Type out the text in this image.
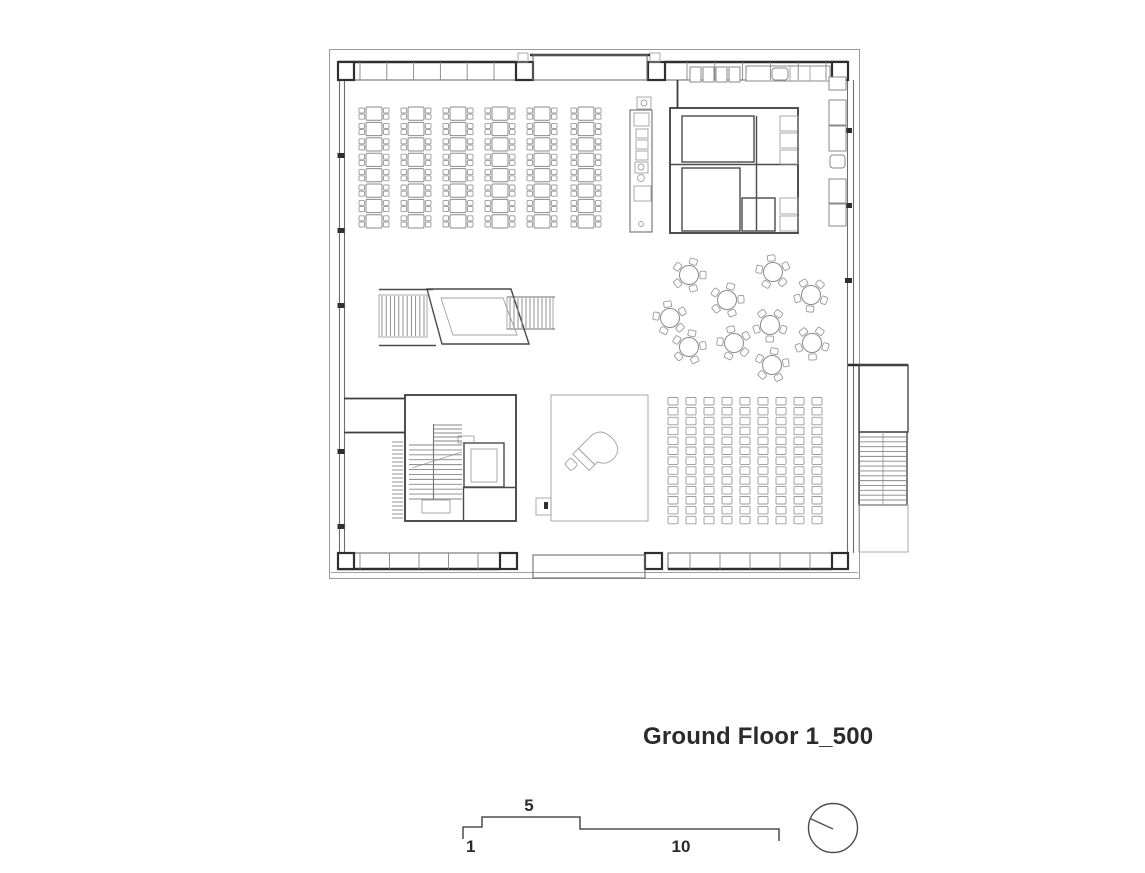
Ground Floor 1_500
1
5
10
